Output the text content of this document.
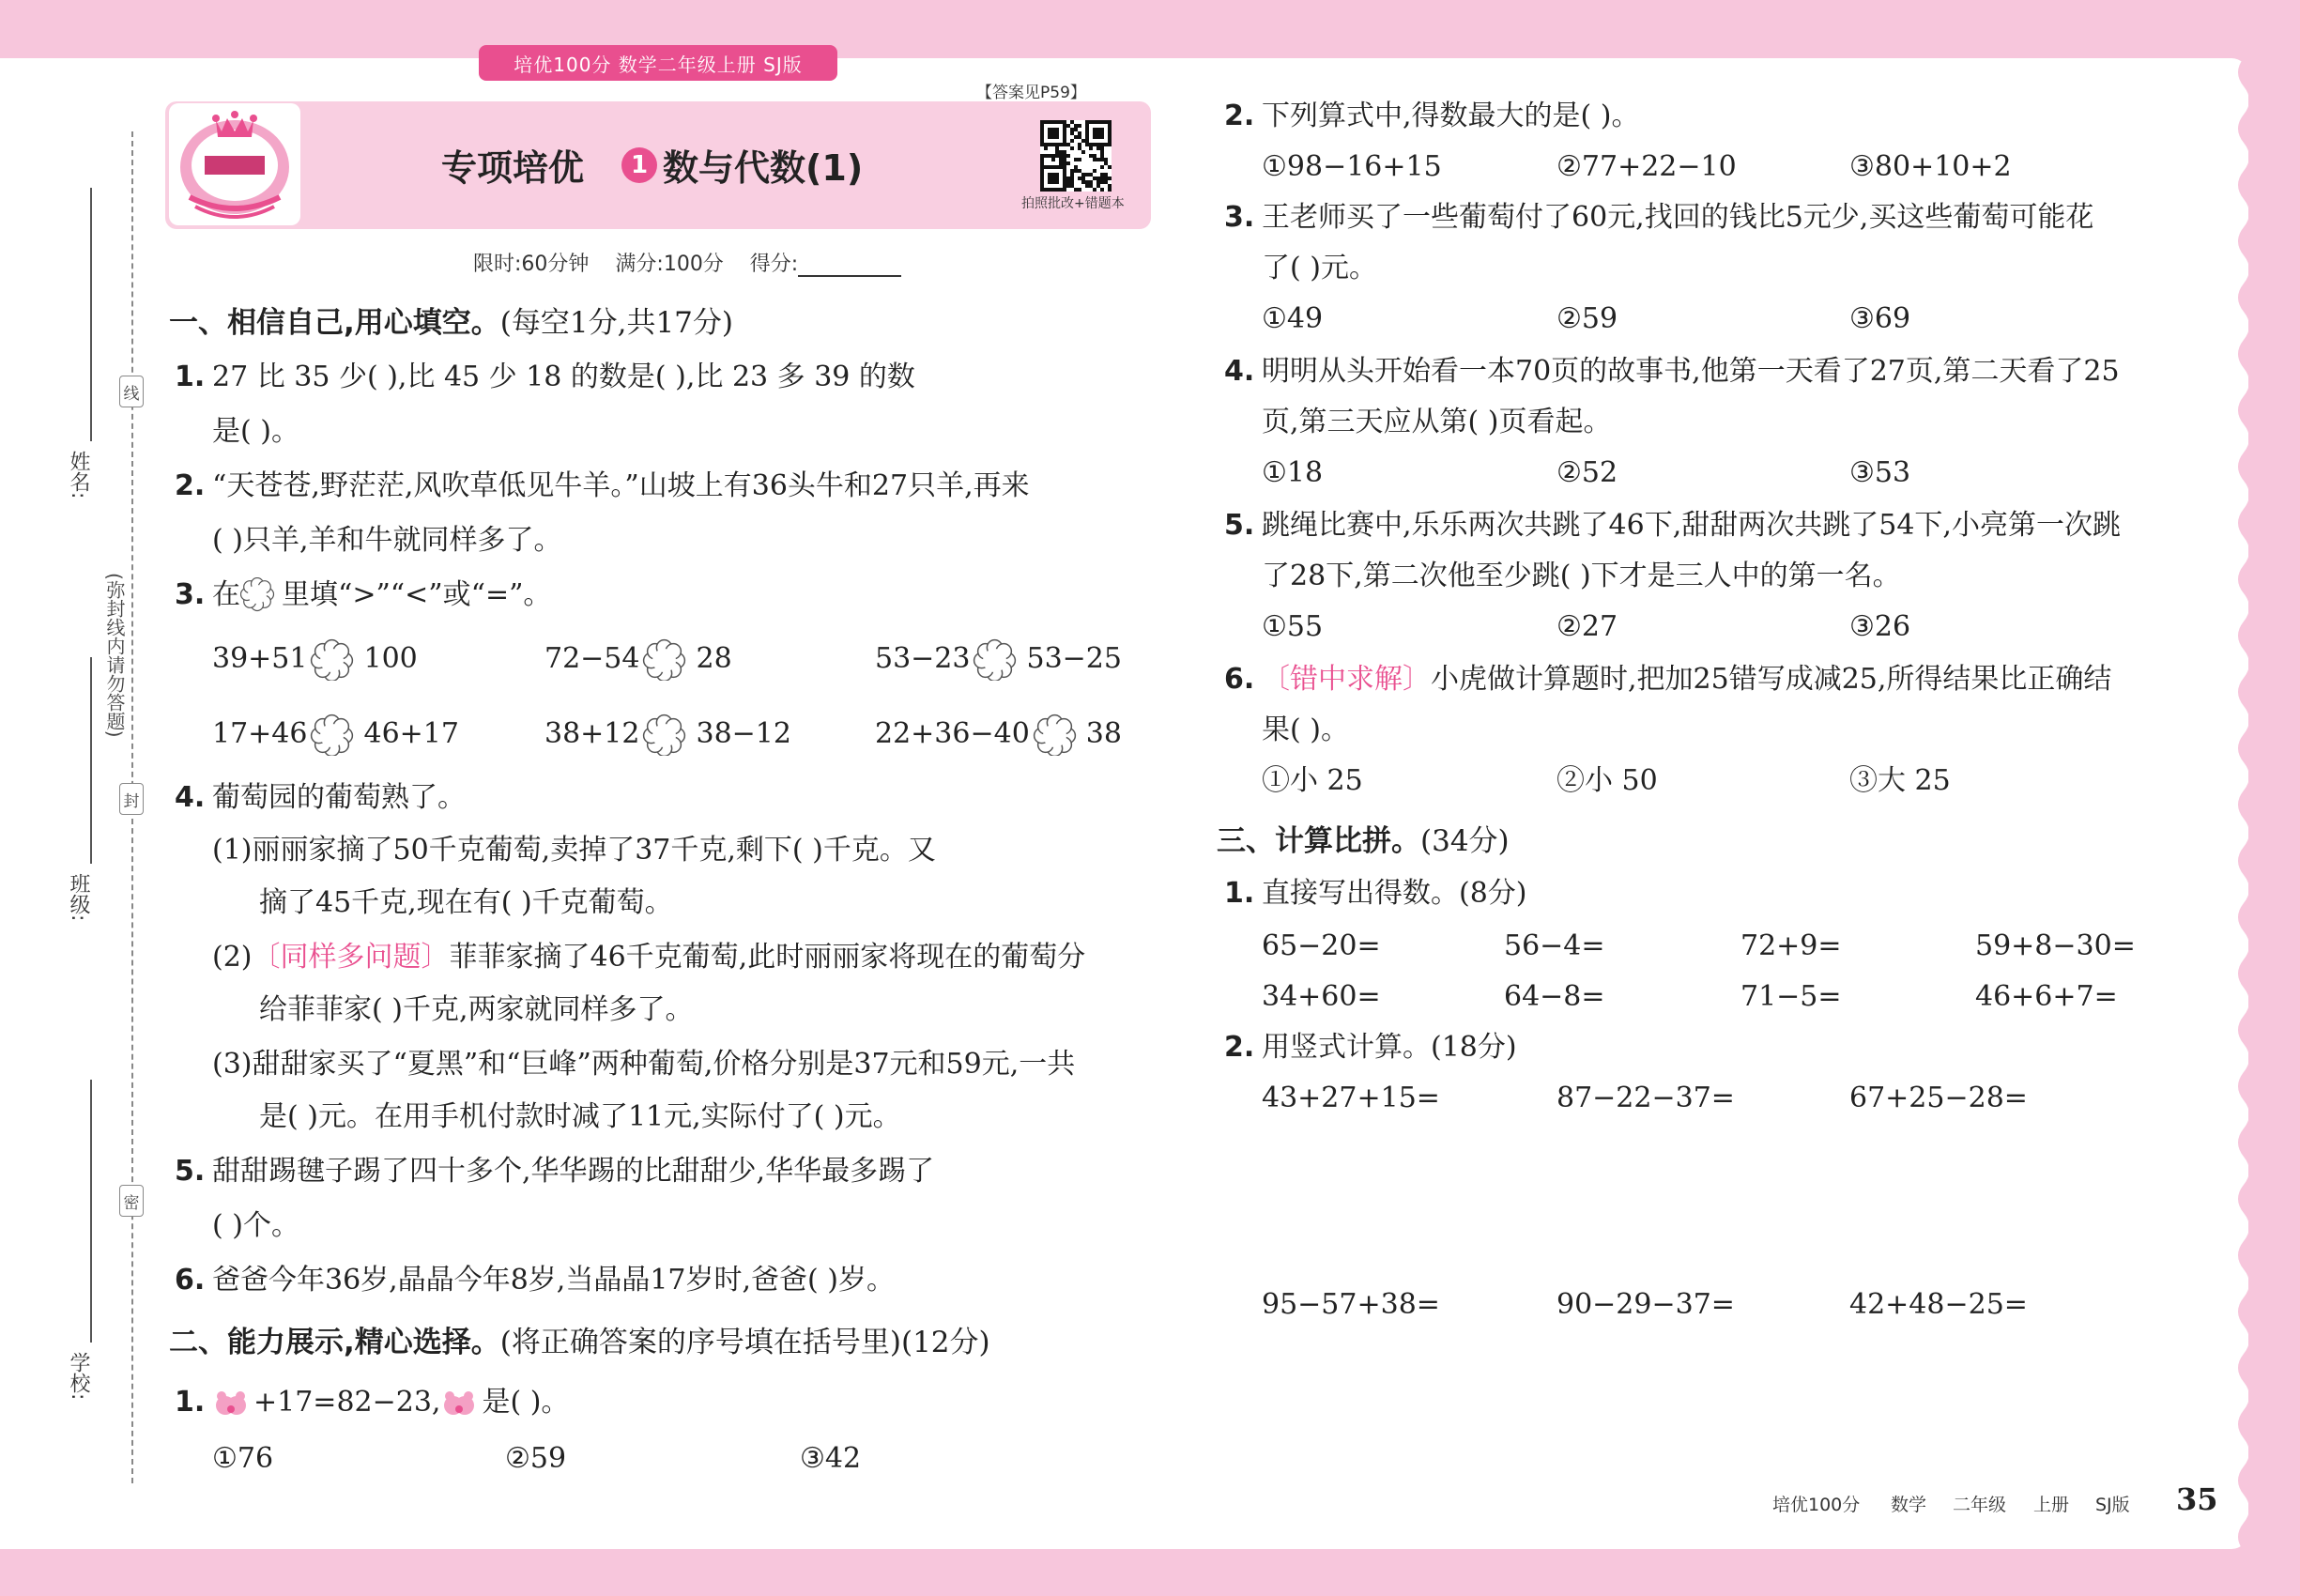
培优100分 数学二年级上册 SJ版
姓名:
班级:
学校:
线
封
密
(弥封线内请勿答题)
【答案见P59】
专项培优	1 数与代数(1)
拍照批改+错题本
限时:60分钟 满分:100分 得分:
一、相信自己,用心填空。(每空1分,共17分)
1. 27 比 35 少( ),比 45 少 18 的数是( ),比 23 多 39 的数
是( )。
2. “天苍苍,野茫茫,风吹草低见牛羊。”山坡上有36头牛和27只羊,再来
( )只羊,羊和牛就同样多了。
3. 在 里填“>”“<”或“=”。
39+51 100	72−54 28	53−23 53−25
17+46 46+17	38+12 38−12	22+36−40 38
4. 葡萄园的葡萄熟了。
(1)丽丽家摘了50千克葡萄,卖掉了37千克,剩下( )千克。又
摘了45千克,现在有( )千克葡萄。
(2)〔同样多问题〕菲菲家摘了46千克葡萄,此时丽丽家将现在的葡萄分
给菲菲家( )千克,两家就同样多了。
(3)甜甜家买了“夏黑”和“巨峰”两种葡萄,价格分别是37元和59元,一共
是( )元。在用手机付款时减了11元,实际付了( )元。
5. 甜甜踢毽子踢了四十多个,华华踢的比甜甜少,华华最多踢了
( )个。
6. 爸爸今年36岁,晶晶今年8岁,当晶晶17岁时,爸爸( )岁。
二、能力展示,精心选择。(将正确答案的序号填在括号里)(12分)
1. +17=82−23, 是( )。
①76	②59	③42
2. 下列算式中,得数最大的是( )。
①98−16+15	②77+22−10	③80+10+2
3. 王老师买了一些葡萄付了60元,找回的钱比5元少,买这些葡萄可能花
了( )元。
①49	②59	③69
4. 明明从头开始看一本70页的故事书,他第一天看了27页,第二天看了25
页,第三天应从第( )页看起。
①18	②52	③53
5. 跳绳比赛中,乐乐两次共跳了46下,甜甜两次共跳了54下,小亮第一次跳
了28下,第二次他至少跳( )下才是三人中的第一名。
①55	②27	③26
6. 〔错中求解〕小虎做计算题时,把加25错写成减25,所得结果比正确结
果( )。
①小 25	②小 50	③大 25
三、计算比拼。(34分)
1. 直接写出得数。(8分)
65−20=	56−4=	72+9=	59+8−30=
34+60=	64−8=	71−5=	46+6+7=
2. 用竖式计算。(18分)
43+27+15=	87−22−37=	67+25−28=
95−57+38=	90−29−37=	42+48−25=
培优100分 数学 二年级 上册 SJ版 35
